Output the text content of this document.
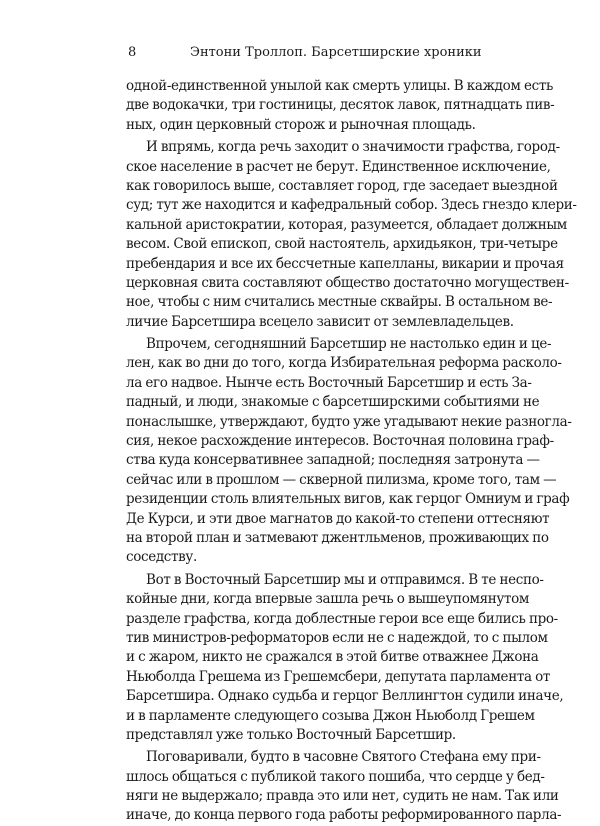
8	Энтони Троллоп. Барсетширские хроники
одной-единственной унылой как смерть улицы. В каждом есть
две водокачки, три гостиницы, десяток лавок, пятнадцать пив-
ных, один церковный сторож и рыночная площадь.
И впрямь, когда речь заходит о значимости графства, город-
ское население в расчет не берут. Единственное исключение,
как говорилось выше, составляет город, где заседает выездной
суд; тут же находится и кафедральный собор. Здесь гнездо клери-
кальной аристократии, которая, разумеется, обладает должным
весом. Свой епископ, свой настоятель, архидьякон, три-четыре
пребендария и все их бессчетные капелланы, викарии и прочая
церковная свита составляют общество достаточно могуществен-
ное, чтобы с ним считались местные сквайры. В остальном ве-
личие Барсетшира всецело зависит от землевладельцев.
Впрочем, сегодняшний Барсетшир не настолько един и це-
лен, как во дни до того, когда Избирательная реформа расколо-
ла его надвое. Нынче есть Восточный Барсетшир и есть За-
падный, и люди, знакомые с барсетширскими событиями не
понаслышке, утверждают, будто уже угадывают некие разногла-
сия, некое расхождение интересов. Восточная половина граф-
ства куда консервативнее западной; последняя затронута —
сейчас или в прошлом — скверной пилизма, кроме того, там —
резиденции столь влиятельных вигов, как герцог Омниум и граф
Де Курси, и эти двое магнатов до какой-то степени оттесняют
на второй план и затмевают джентльменов, проживающих по
соседству.
Вот в Восточный Барсетшир мы и отправимся. В те неспо-
койные дни, когда впервые зашла речь о вышеупомянутом
разделе графства, когда доблестные герои все еще бились про-
тив министров-реформаторов если не с надеждой, то с пылом
и с жаром, никто не сражался в этой битве отважнее Джона
Ньюболда Грешема из Грешемсбери, депутата парламента от
Барсетшира. Однако судьба и герцог Веллингтон судили иначе,
и в парламенте следующего созыва Джон Ньюболд Грешем
представлял уже только Восточный Барсетшир.
Поговаривали, будто в часовне Святого Стефана ему при-
шлось общаться с публикой такого пошиба, что сердце у бед-
няги не выдержало; правда это или нет, судить не нам. Так или
иначе, до конца первого года работы реформированного парла-
